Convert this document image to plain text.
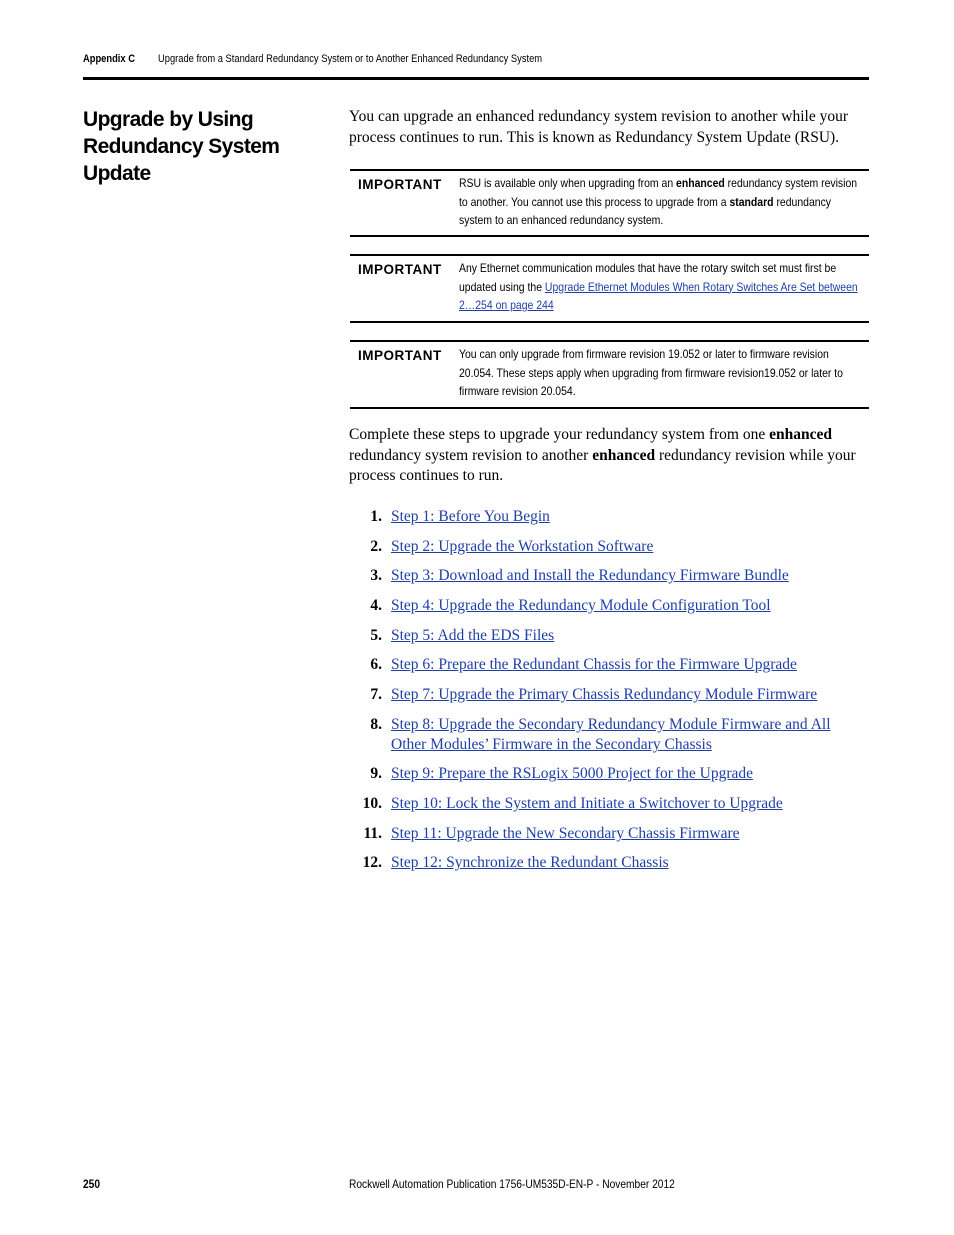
Appendix C Upgrade from a Standard Redundancy System or to Another Enhanced Redundancy System
Upgrade by Using Redundancy System Update
You can upgrade an enhanced redundancy system revision to another while your process continues to run. This is known as Redundancy System Update (RSU).
IMPORTANT RSU is available only when upgrading from an enhanced redundancy system revision to another. You cannot use this process to upgrade from a standard redundancy system to an enhanced redundancy system.
IMPORTANT Any Ethernet communication modules that have the rotary switch set must first be updated using the Upgrade Ethernet Modules When Rotary Switches Are Set between 2…254 on page 244
IMPORTANT You can only upgrade from firmware revision 19.052 or later to firmware revision 20.054. These steps apply when upgrading from firmware revision19.052 or later to firmware revision 20.054.
Complete these steps to upgrade your redundancy system from one enhanced redundancy system revision to another enhanced redundancy revision while your process continues to run.
1. Step 1: Before You Begin
2. Step 2: Upgrade the Workstation Software
3. Step 3: Download and Install the Redundancy Firmware Bundle
4. Step 4: Upgrade the Redundancy Module Configuration Tool
5. Step 5: Add the EDS Files
6. Step 6: Prepare the Redundant Chassis for the Firmware Upgrade
7. Step 7: Upgrade the Primary Chassis Redundancy Module Firmware
8. Step 8: Upgrade the Secondary Redundancy Module Firmware and All Other Modules’ Firmware in the Secondary Chassis
9. Step 9: Prepare the RSLogix 5000 Project for the Upgrade
10. Step 10: Lock the System and Initiate a Switchover to Upgrade
11. Step 11: Upgrade the New Secondary Chassis Firmware
12. Step 12: Synchronize the Redundant Chassis
250	Rockwell Automation Publication 1756-UM535D-EN-P - November 2012
